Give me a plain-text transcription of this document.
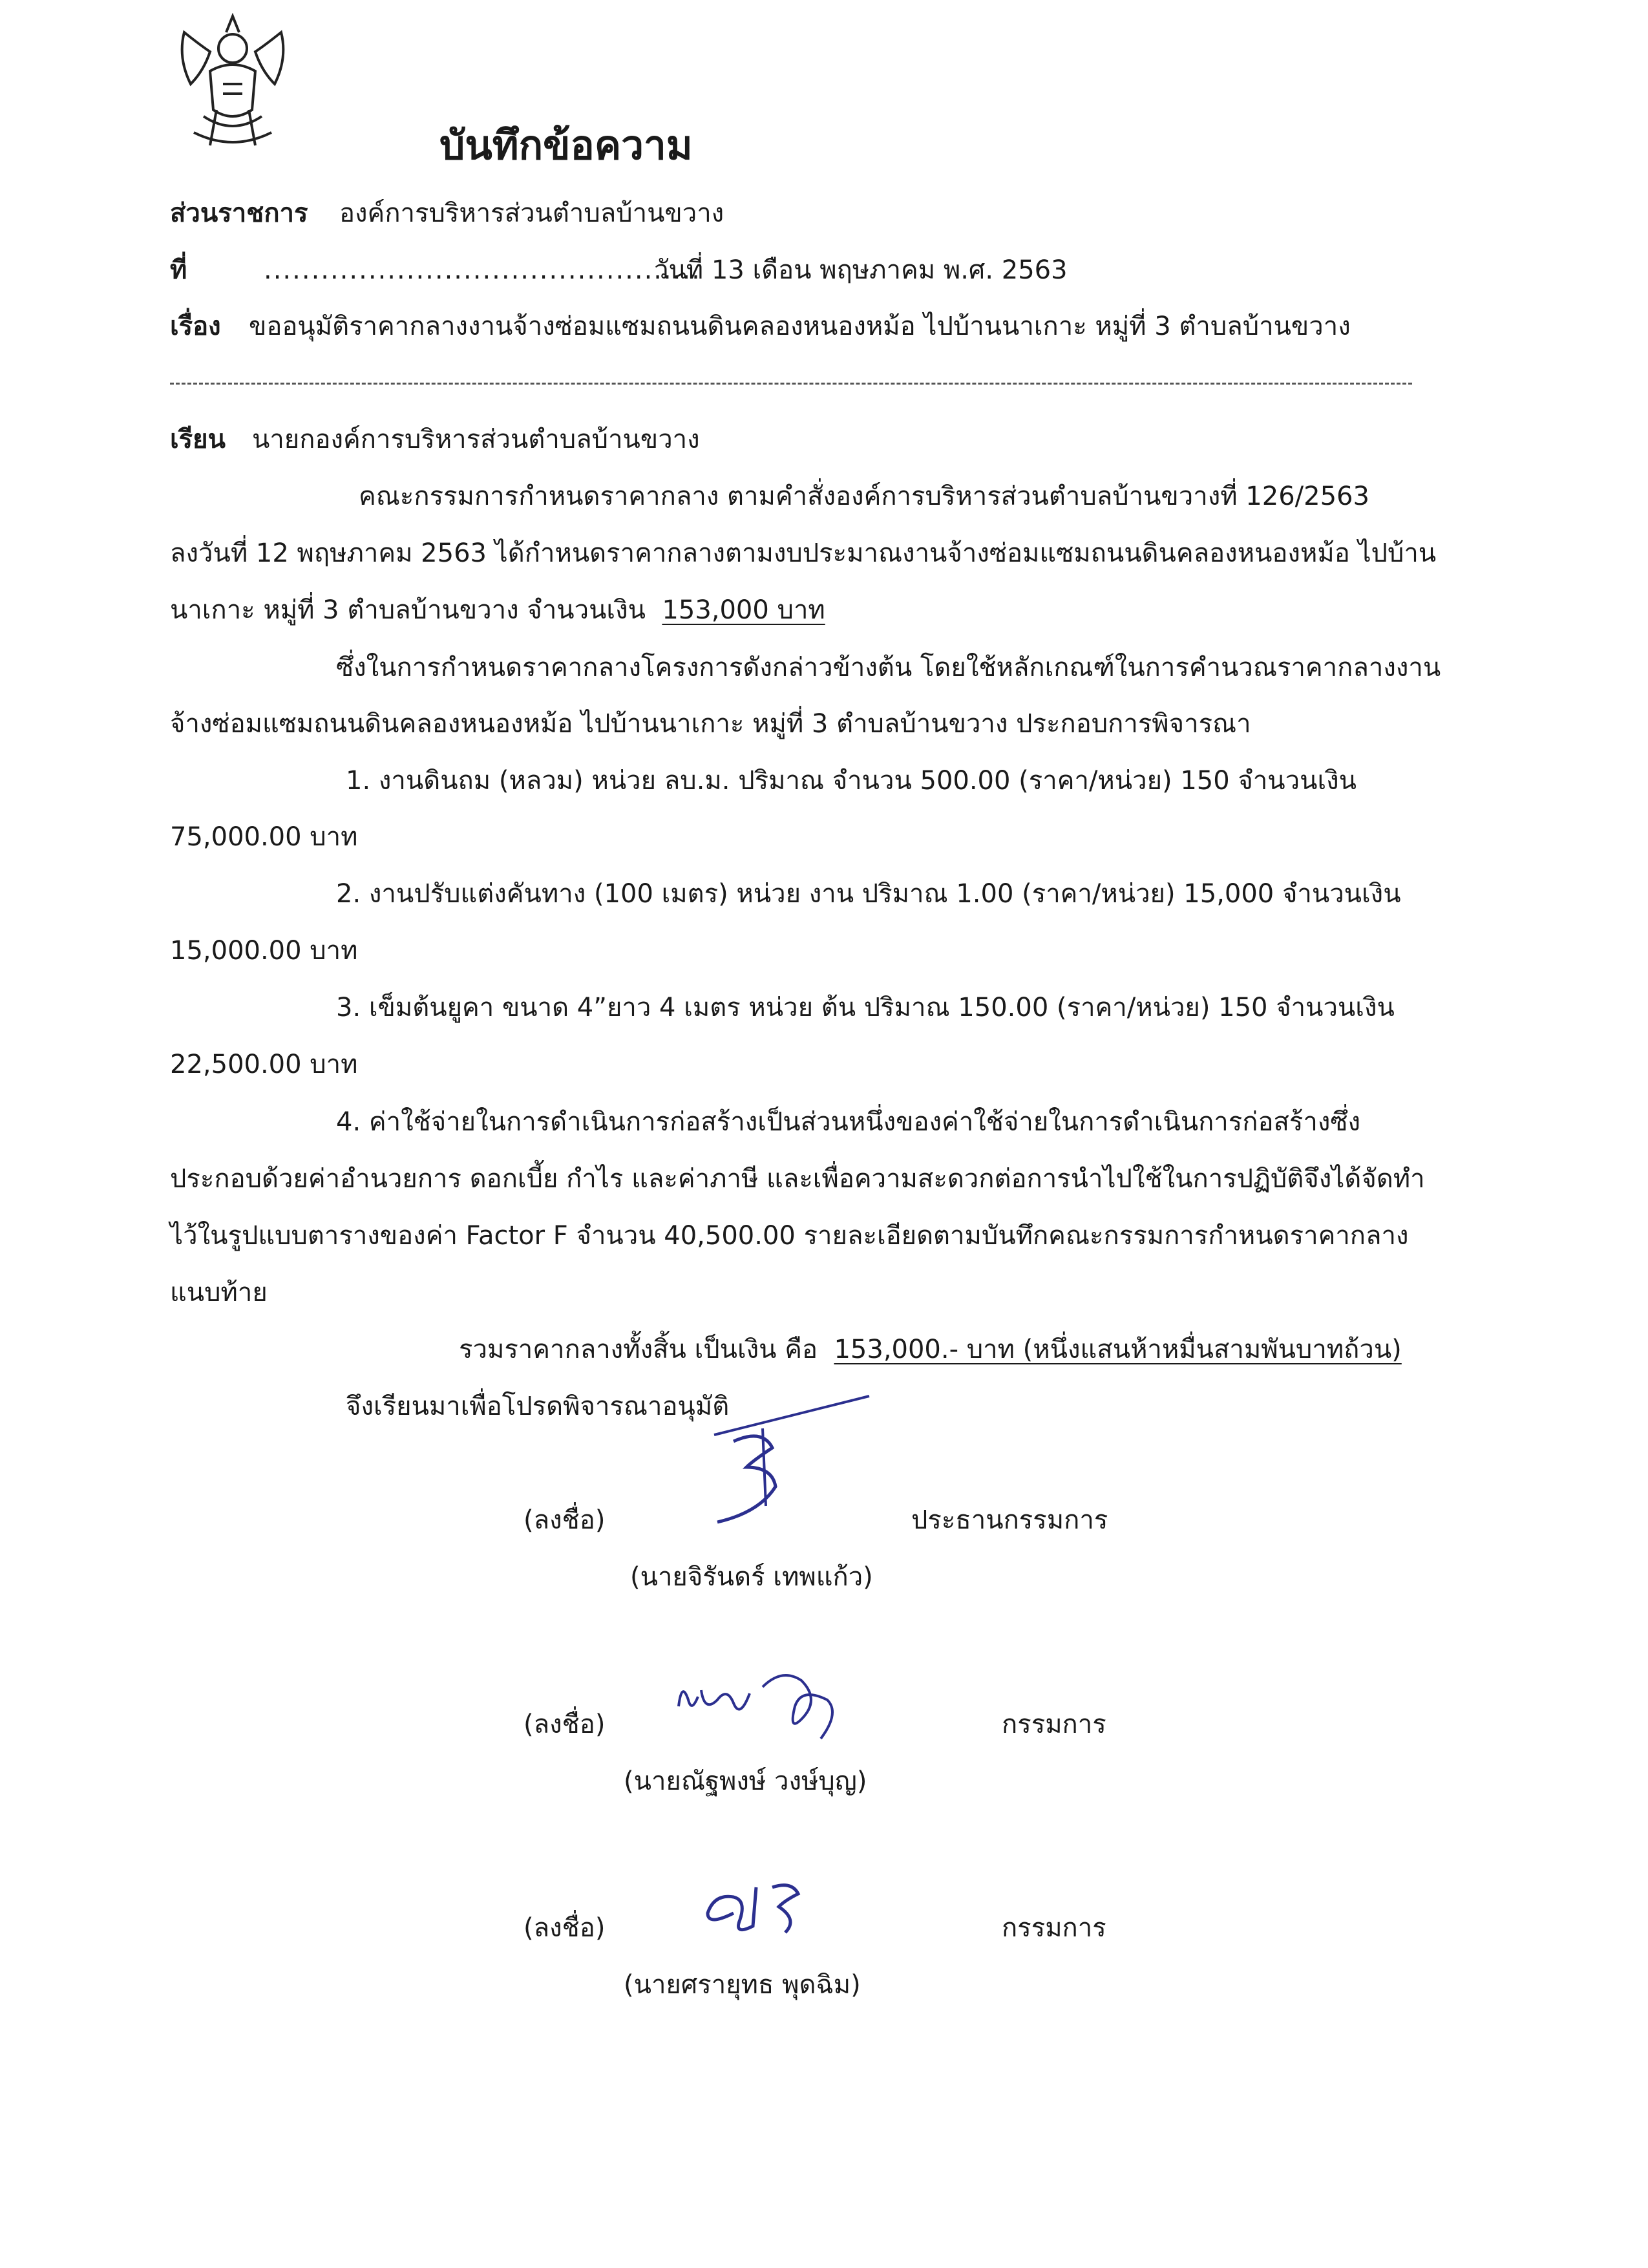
บันทึกข้อความ
ส่วนราชการ องค์การบริหารส่วนตำบลบ้านขวาง
ที่	..............................................
วันที่ 13 เดือน พฤษภาคม พ.ศ. 2563
เรื่อง ขออนุมัติราคากลางงานจ้างซ่อมแซมถนนดินคลองหนองหม้อ ไปบ้านนาเกาะ หมู่ที่ 3 ตำบลบ้านขวาง
เรียน นายกองค์การบริหารส่วนตำบลบ้านขวาง
คณะกรรมการกำหนดราคากลาง ตามคำสั่งองค์การบริหารส่วนตำบลบ้านขวางที่ 126/2563
ลงวันที่ 12 พฤษภาคม 2563 ได้กำหนดราคากลางตามงบประมาณงานจ้างซ่อมแซมถนนดินคลองหนองหม้อ ไปบ้าน
นาเกาะ หมู่ที่ 3 ตำบลบ้านขวาง จำนวนเงิน 153,000 บาท
ซึ่งในการกำหนดราคากลางโครงการดังกล่าวข้างต้น โดยใช้หลักเกณฑ์ในการคำนวณราคากลางงาน
จ้างซ่อมแซมถนนดินคลองหนองหม้อ ไปบ้านนาเกาะ หมู่ที่ 3 ตำบลบ้านขวาง ประกอบการพิจารณา
1. งานดินถม (หลวม) หน่วย ลบ.ม. ปริมาณ จำนวน 500.00 (ราคา/หน่วย) 150 จำนวนเงิน
75,000.00 บาท
2. งานปรับแต่งคันทาง (100 เมตร) หน่วย งาน ปริมาณ 1.00 (ราคา/หน่วย) 15,000 จำนวนเงิน
15,000.00 บาท
3. เข็มต้นยูคา ขนาด 4”ยาว 4 เมตร หน่วย ต้น ปริมาณ 150.00 (ราคา/หน่วย) 150 จำนวนเงิน
22,500.00 บาท
4. ค่าใช้จ่ายในการดำเนินการก่อสร้างเป็นส่วนหนึ่งของค่าใช้จ่ายในการดำเนินการก่อสร้างซึ่ง
ประกอบด้วยค่าอำนวยการ ดอกเบี้ย กำไร และค่าภาษี และเพื่อความสะดวกต่อการนำไปใช้ในการปฏิบัติจึงได้จัดทำ
ไว้ในรูปแบบตารางของค่า Factor F จำนวน 40,500.00 รายละเอียดตามบันทึกคณะกรรมการกำหนดราคากลาง
แนบท้าย
รวมราคากลางทั้งสิ้น เป็นเงิน คือ 153,000.- บาท (หนึ่งแสนห้าหมื่นสามพันบาทถ้วน)
จึงเรียนมาเพื่อโปรดพิจารณาอนุมัติ
(ลงชื่อ)	ประธานกรรมการ
(นายจิรันดร์ เทพแก้ว)
(ลงชื่อ)	กรรมการ
(นายณัฐพงษ์ วงษ์บุญ)
(ลงชื่อ)	กรรมการ
(นายศรายุทธ พุดฉิม)
